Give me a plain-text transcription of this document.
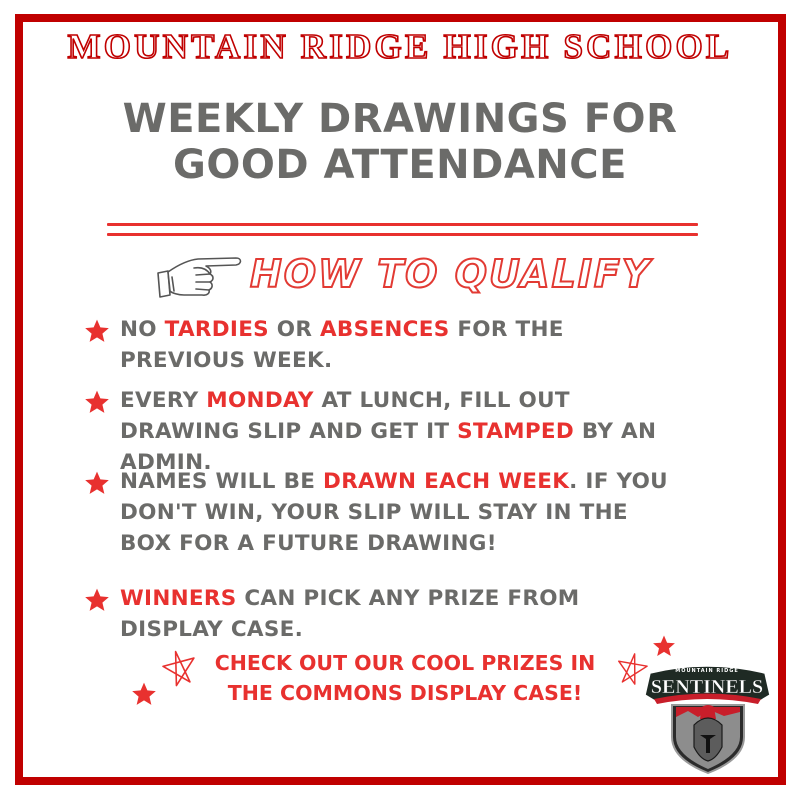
MOUNTAIN RIDGE HIGH SCHOOL
WEEKLY DRAWINGS FOR
GOOD ATTENDANCE
HOW TO QUALIFY
NO TARDIES OR ABSENCES FOR THE PREVIOUS WEEK.
EVERY MONDAY AT LUNCH, FILL OUT DRAWING SLIP AND GET IT STAMPED BY AN ADMIN.
NAMES WILL BE DRAWN EACH WEEK. IF YOU DON'T WIN, YOUR SLIP WILL STAY IN THE BOX FOR A FUTURE DRAWING!
WINNERS CAN PICK ANY PRIZE FROM DISPLAY CASE.
CHECK OUT OUR COOL PRIZES IN
THE COMMONS DISPLAY CASE!
MOUNTAIN RIDGE
SENTINELS
